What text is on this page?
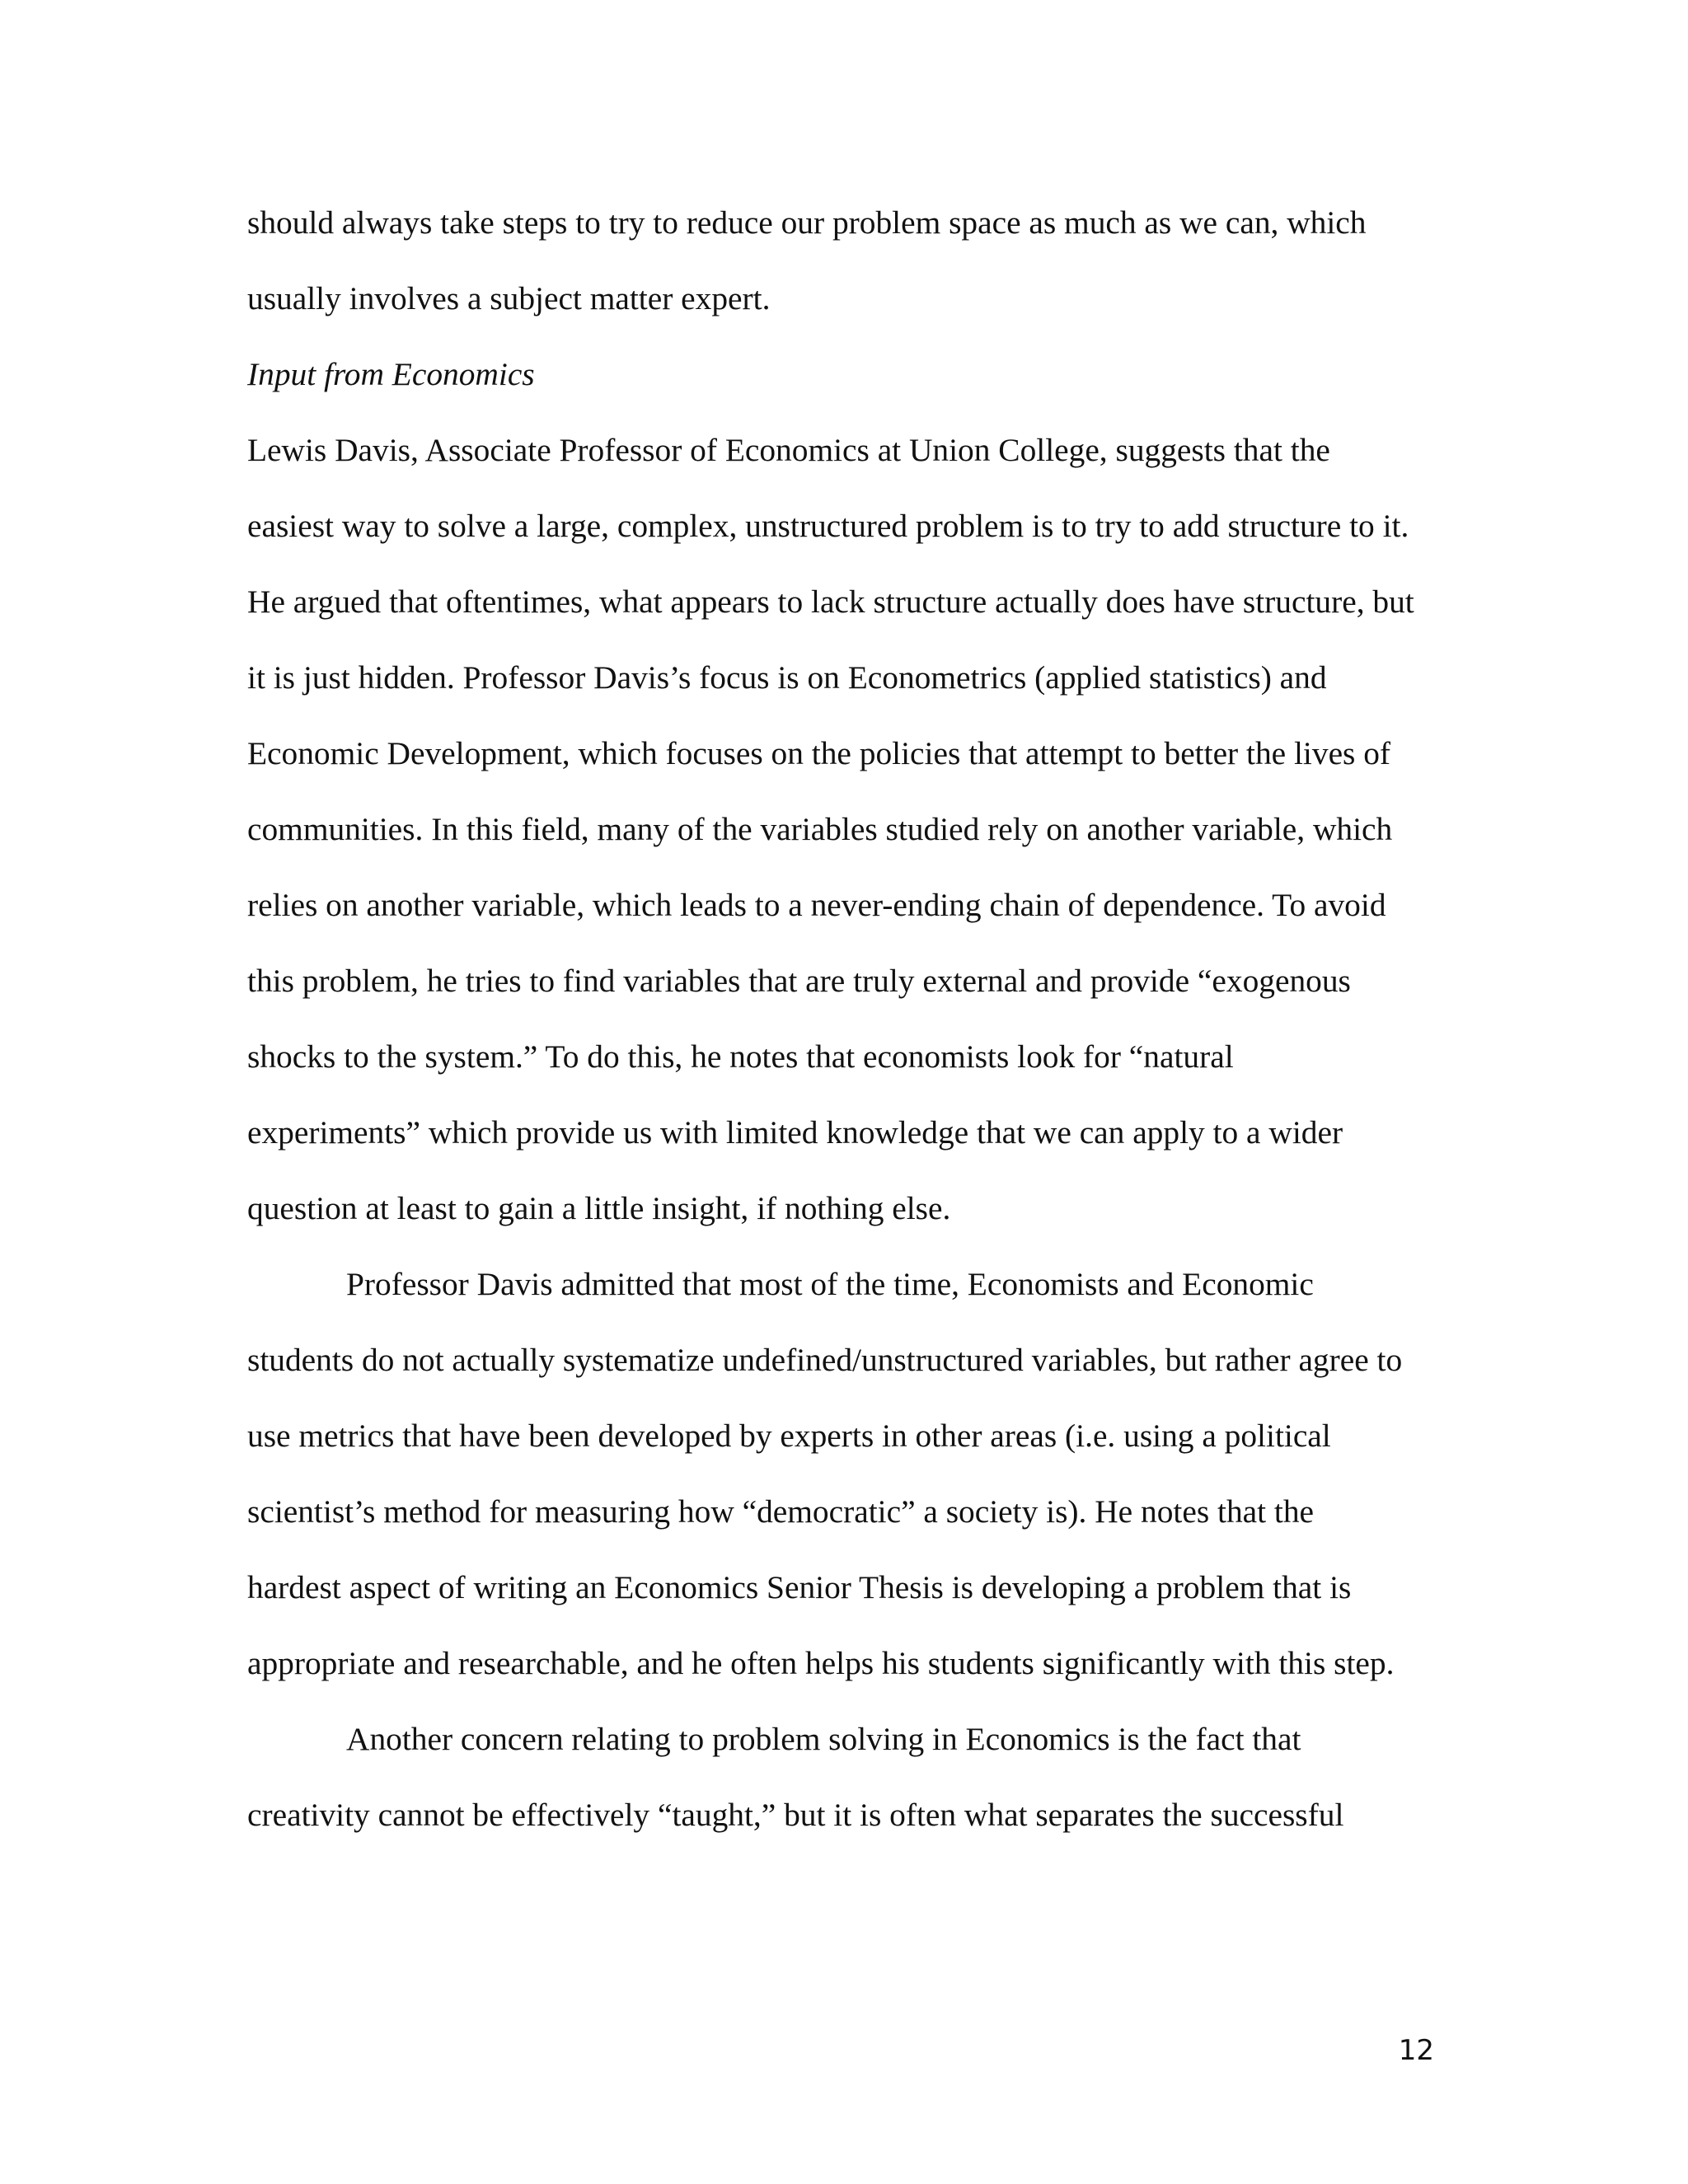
should always take steps to try to reduce our problem space as much as we can, which
usually involves a subject matter expert.
Input from Economics
Lewis Davis, Associate Professor of Economics at Union College, suggests that the
easiest way to solve a large, complex, unstructured problem is to try to add structure to it.
He argued that oftentimes, what appears to lack structure actually does have structure, but
it is just hidden. Professor Davis’s focus is on Econometrics (applied statistics) and
Economic Development, which focuses on the policies that attempt to better the lives of
communities. In this field, many of the variables studied rely on another variable, which
relies on another variable, which leads to a never-ending chain of dependence. To avoid
this problem, he tries to find variables that are truly external and provide “exogenous
shocks to the system.” To do this, he notes that economists look for “natural
experiments” which provide us with limited knowledge that we can apply to a wider
question at least to gain a little insight, if nothing else.
Professor Davis admitted that most of the time, Economists and Economic
students do not actually systematize undefined/unstructured variables, but rather agree to
use metrics that have been developed by experts in other areas (i.e. using a political
scientist’s method for measuring how “democratic” a society is). He notes that the
hardest aspect of writing an Economics Senior Thesis is developing a problem that is
appropriate and researchable, and he often helps his students significantly with this step.
Another concern relating to problem solving in Economics is the fact that
creativity cannot be effectively “taught,” but it is often what separates the successful
12
